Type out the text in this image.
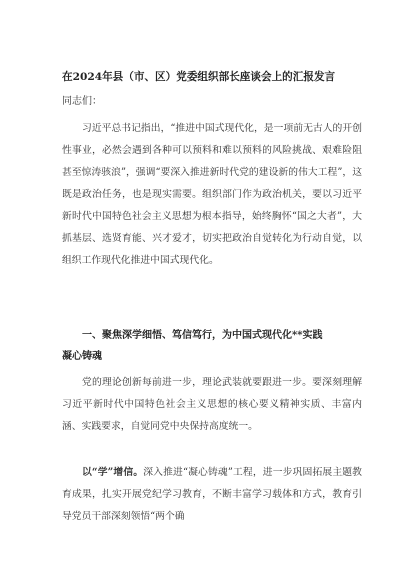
在2024年县（市、区）党委组织部长座谈会上的汇报发言
同志们：

习近平总书记指出，“推进中国式现代化，是一项前无古人的开创性事业，必然会遇到各种可以预料和难以预料的风险挑战、艰难险阻甚至惊涛骇浪”，强调“要深入推进新时代党的建设新的伟大工程”，这既是政治任务，也是现实需要。组织部门作为政治机关，要以习近平新时代中国特色社会主义思想为根本指导，始终胸怀“国之大者”，大抓基层、选贤育能、兴才爱才，切实把政治自觉转化为行动自觉，以组织工作现代化推进中国式现代化。

一、聚焦深学细悟、笃信笃行，为中国式现代化**实践
凝心铸魂

党的理论创新每前进一步，理论武装就要跟进一步。要深刻理解习近平新时代中国特色社会主义思想的核心要义精神实质、丰富内涵、实践要求，自觉同党中央保持高度统一。

以“学”增信。深入推进“凝心铸魂”工程，进一步巩固拓展主题教育成果，扎实开展党纪学习教育，不断丰富学习载体和方式，教育引导党员干部深刻领悟“两个确
